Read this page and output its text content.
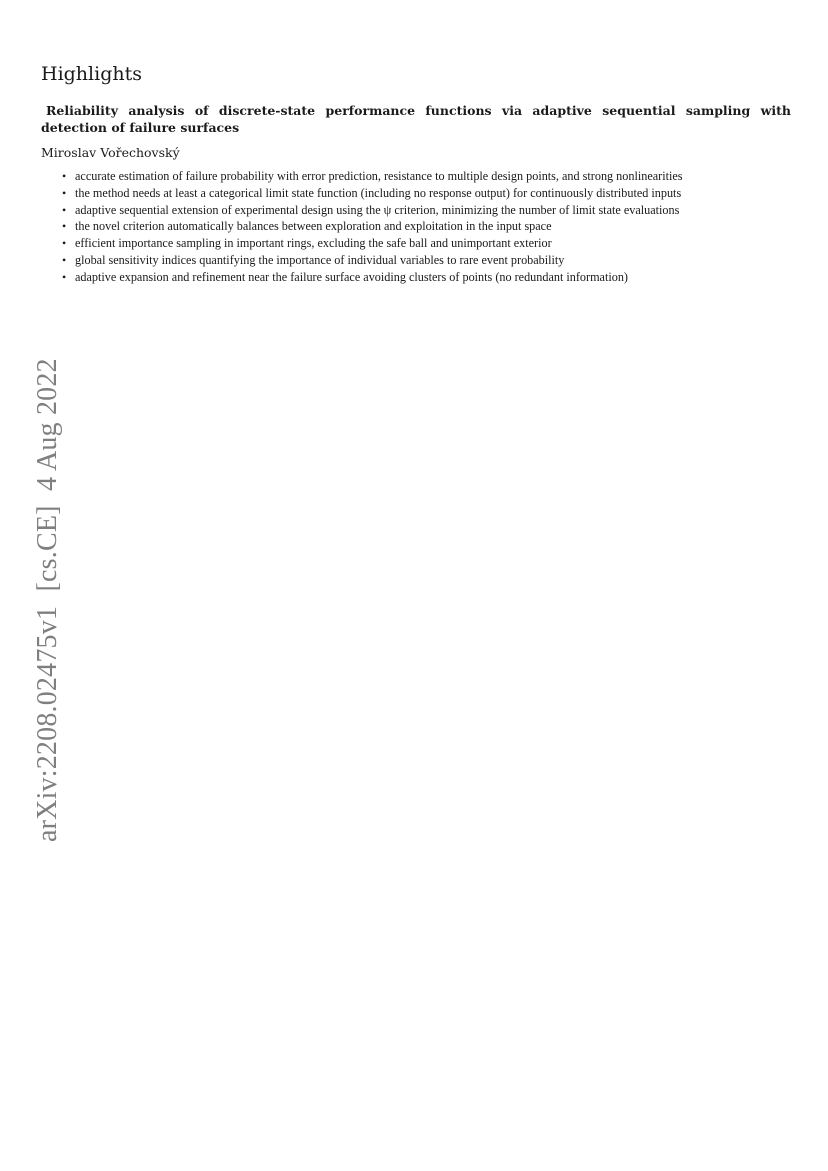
Highlights

Reliability analysis of discrete-state performance functions via adaptive sequential sampling with detection of failure surfaces

Miroslav Vořechovský

• accurate estimation of failure probability with error prediction, resistance to multiple design points, and strong nonlinearities
• the method needs at least a categorical limit state function (including no response output) for continuously distributed inputs
• adaptive sequential extension of experimental design using the ψ criterion, minimizing the number of limit state evaluations
• the novel criterion automatically balances between exploration and exploitation in the input space
• efficient importance sampling in important rings, excluding the safe ball and unimportant exterior
• global sensitivity indices quantifying the importance of individual variables to rare event probability
• adaptive expansion and refinement near the failure surface avoiding clusters of points (no redundant information)
arXiv:2208.02475v1  [cs.CE]  4 Aug 2022
